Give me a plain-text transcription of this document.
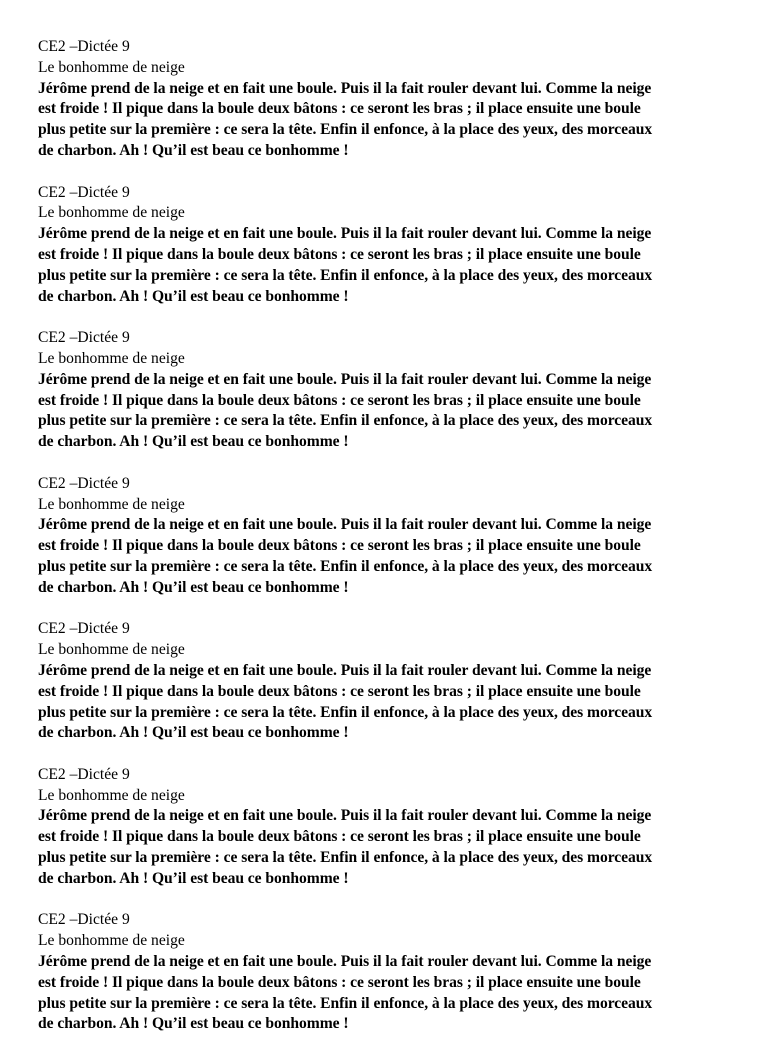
CE2 –Dictée 9

Le bonhomme de neige

Jérôme prend de la neige et en fait une boule. Puis il la fait rouler devant lui. Comme la neige
est froide ! Il pique dans la boule deux bâtons : ce seront les bras ; il place ensuite une boule
plus petite sur la première : ce sera la tête. Enfin il enfonce, à la place des yeux, des morceaux
de charbon. Ah ! Qu’il est beau ce bonhomme !

CE2 –Dictée 9

Le bonhomme de neige

Jérôme prend de la neige et en fait une boule. Puis il la fait rouler devant lui. Comme la neige
est froide ! Il pique dans la boule deux bâtons : ce seront les bras ; il place ensuite une boule
plus petite sur la première : ce sera la tête. Enfin il enfonce, à la place des yeux, des morceaux
de charbon. Ah ! Qu’il est beau ce bonhomme !

CE2 –Dictée 9

Le bonhomme de neige

Jérôme prend de la neige et en fait une boule. Puis il la fait rouler devant lui. Comme la neige
est froide ! Il pique dans la boule deux bâtons : ce seront les bras ; il place ensuite une boule
plus petite sur la première : ce sera la tête. Enfin il enfonce, à la place des yeux, des morceaux
de charbon. Ah ! Qu’il est beau ce bonhomme !

CE2 –Dictée 9

Le bonhomme de neige

Jérôme prend de la neige et en fait une boule. Puis il la fait rouler devant lui. Comme la neige
est froide ! Il pique dans la boule deux bâtons : ce seront les bras ; il place ensuite une boule
plus petite sur la première : ce sera la tête. Enfin il enfonce, à la place des yeux, des morceaux
de charbon. Ah ! Qu’il est beau ce bonhomme !

CE2 –Dictée 9

Le bonhomme de neige

Jérôme prend de la neige et en fait une boule. Puis il la fait rouler devant lui. Comme la neige
est froide ! Il pique dans la boule deux bâtons : ce seront les bras ; il place ensuite une boule
plus petite sur la première : ce sera la tête. Enfin il enfonce, à la place des yeux, des morceaux
de charbon. Ah ! Qu’il est beau ce bonhomme !

CE2 –Dictée 9

Le bonhomme de neige

Jérôme prend de la neige et en fait une boule. Puis il la fait rouler devant lui. Comme la neige
est froide ! Il pique dans la boule deux bâtons : ce seront les bras ; il place ensuite une boule
plus petite sur la première : ce sera la tête. Enfin il enfonce, à la place des yeux, des morceaux
de charbon. Ah ! Qu’il est beau ce bonhomme !

CE2 –Dictée 9

Le bonhomme de neige

Jérôme prend de la neige et en fait une boule. Puis il la fait rouler devant lui. Comme la neige
est froide ! Il pique dans la boule deux bâtons : ce seront les bras ; il place ensuite une boule
plus petite sur la première : ce sera la tête. Enfin il enfonce, à la place des yeux, des morceaux
de charbon. Ah ! Qu’il est beau ce bonhomme !
